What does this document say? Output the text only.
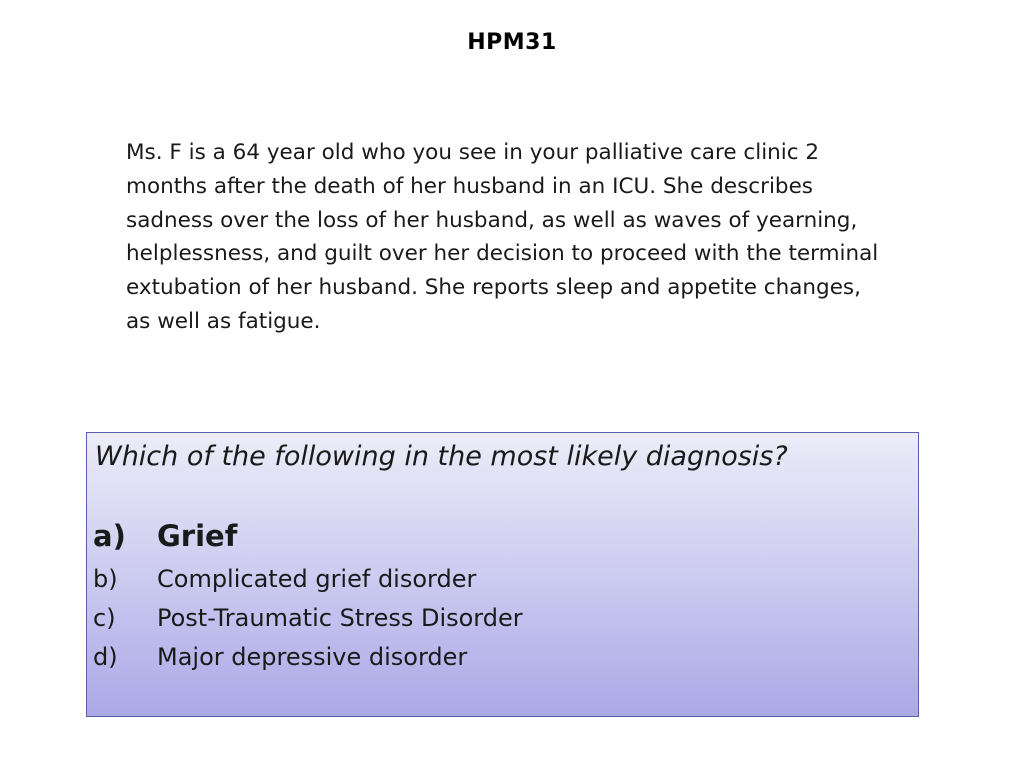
HPM31
Ms. F is a 64 year old who you see in your palliative care clinic 2
months after the death of her husband in an ICU. She describes
sadness over the loss of her husband, as well as waves of yearning,
helplessness, and guilt over her decision to proceed with the terminal
extubation of her husband. She reports sleep and appetite changes,
as well as fatigue.
Which of the following in the most likely diagnosis?
a) Grief
b) Complicated grief disorder
c) Post-Traumatic Stress Disorder
d) Major depressive disorder
